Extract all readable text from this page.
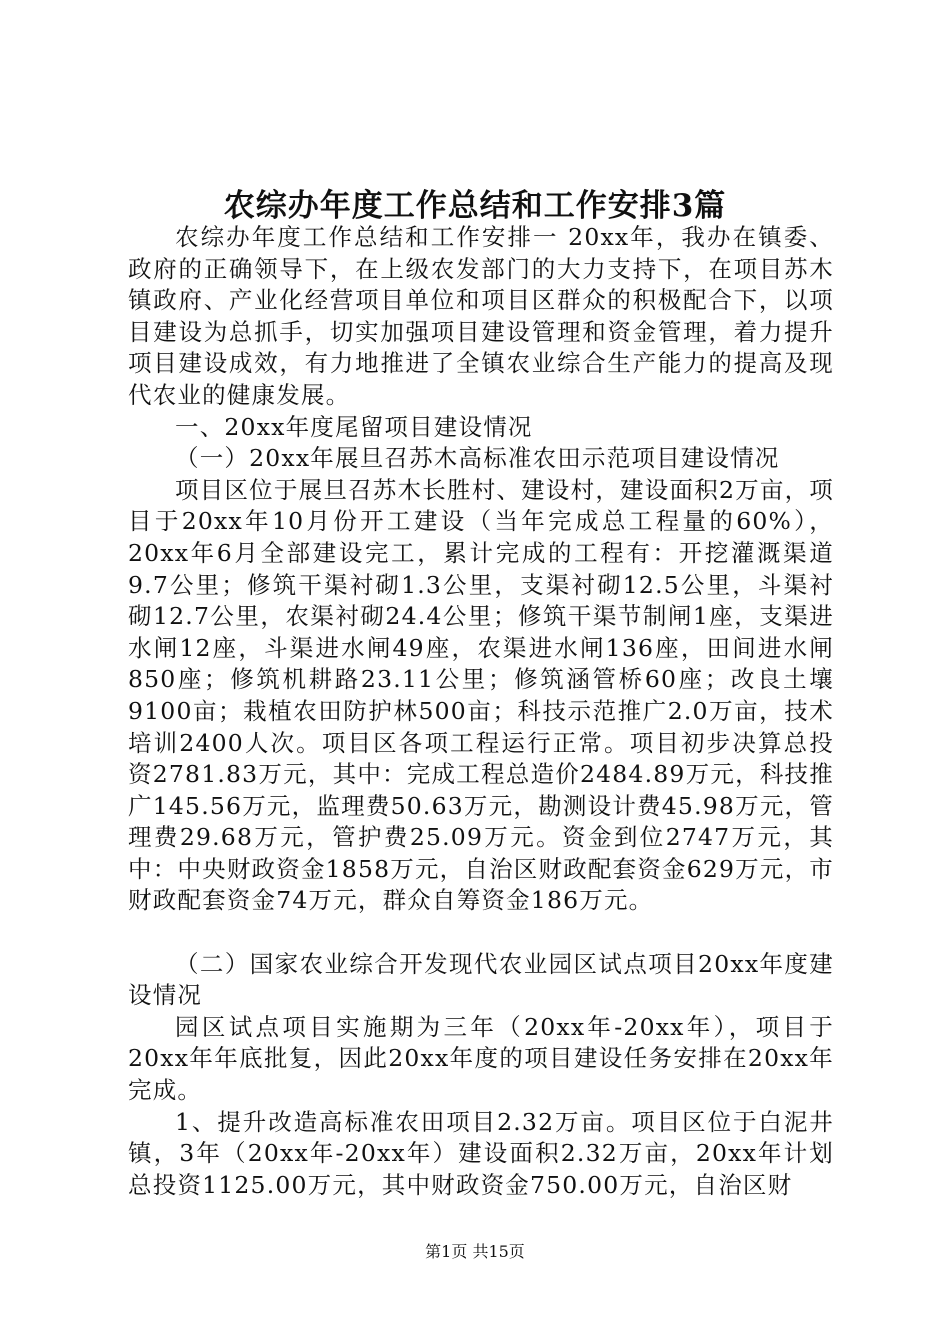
农综办年度工作总结和工作安排3篇

农综办年度工作总结和工作安排一 20xx年，我办在镇委、政府的正确领导下，在上级农发部门的大力支持下，在项目苏木镇政府、产业化经营项目单位和项目区群众的积极配合下，以项目建设为总抓手，切实加强项目建设管理和资金管理，着力提升项目建设成效，有力地推进了全镇农业综合生产能力的提高及现代农业的健康发展。

一、20xx年度尾留项目建设情况

（一）20xx年展旦召苏木高标准农田示范项目建设情况

项目区位于展旦召苏木长胜村、建设村，建设面积2万亩，项目于20xx年10月份开工建设（当年完成总工程量的60%），20xx年6月全部建设完工，累计完成的工程有：开挖灌溉渠道9.7公里；修筑干渠衬砌1.3公里，支渠衬砌12.5公里，斗渠衬砌12.7公里，农渠衬砌24.4公里；修筑干渠节制闸1座，支渠进水闸12座，斗渠进水闸49座，农渠进水闸136座，田间进水闸850座；修筑机耕路23.11公里；修筑涵管桥60座；改良土壤9100亩；栽植农田防护林500亩；科技示范推广2.0万亩，技术培训2400人次。项目区各项工程运行正常。项目初步决算总投资2781.83万元，其中：完成工程总造价2484.89万元，科技推广145.56万元，监理费50.63万元，勘测设计费45.98万元，管理费29.68万元，管护费25.09万元。资金到位2747万元，其中：中央财政资金1858万元，自治区财政配套资金629万元，市财政配套资金74万元，群众自筹资金186万元。

（二）国家农业综合开发现代农业园区试点项目20xx年度建设情况

园区试点项目实施期为三年（20xx年-20xx年），项目于20xx年年底批复，因此20xx年度的项目建设任务安排在20xx年完成。

1、提升改造高标准农田项目2.32万亩。项目区位于白泥井镇，3年（20xx年-20xx年）建设面积2.32万亩，20xx年计划总投资1125.00万元，其中财政资金750.00万元，自治区财

第1页 共15页
